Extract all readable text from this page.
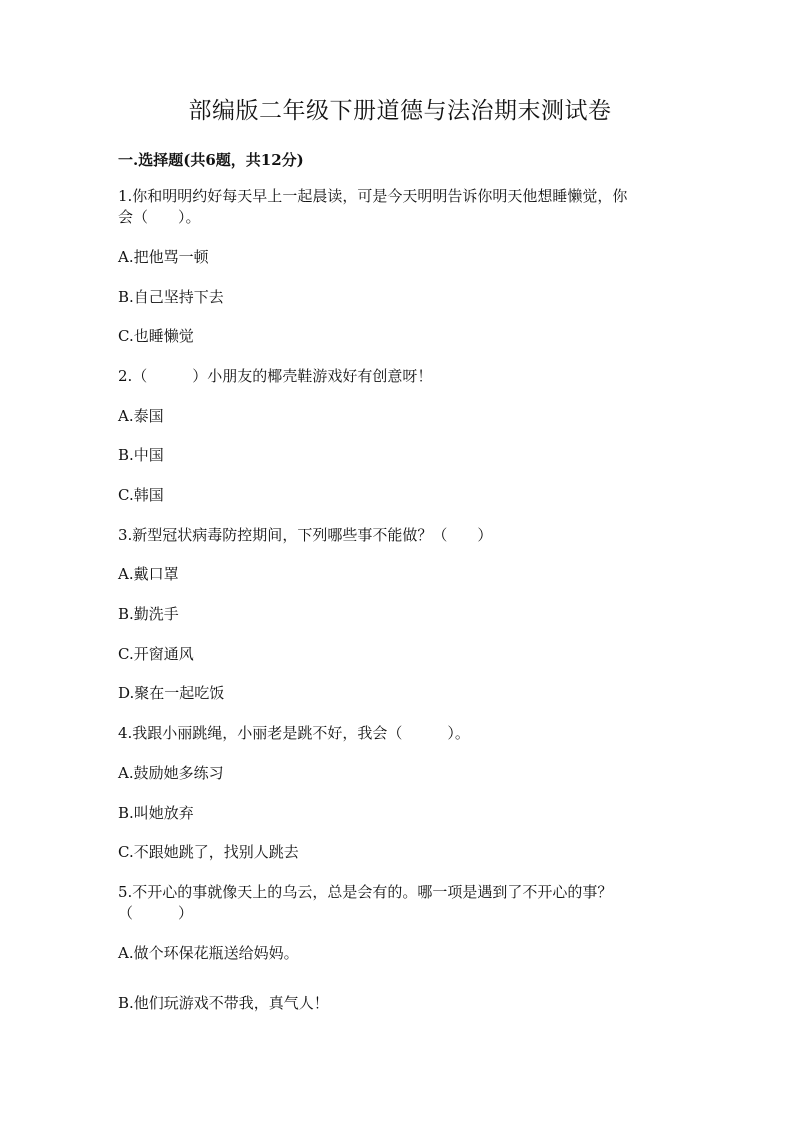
部编版二年级下册道德与法治期末测试卷
一.选择题(共6题，共12分)
1.你和明明约好每天早上一起晨读，可是今天明明告诉你明天他想睡懒觉，你
会（　　）。
A.把他骂一顿
B.自己坚持下去
C.也睡懒觉
2.（　　　）小朋友的椰壳鞋游戏好有创意呀！
A.泰国
B.中国
C.韩国
3.新型冠状病毒防控期间，下列哪些事不能做？（　　）
A.戴口罩
B.勤洗手
C.开窗通风
D.聚在一起吃饭
4.我跟小丽跳绳，小丽老是跳不好，我会（　　　）。
A.鼓励她多练习
B.叫她放弃
C.不跟她跳了，找别人跳去
5.不开心的事就像天上的乌云，总是会有的。哪一项是遇到了不开心的事？
（　　　）
A.做个环保花瓶送给妈妈。
B.他们玩游戏不带我，真气人！
